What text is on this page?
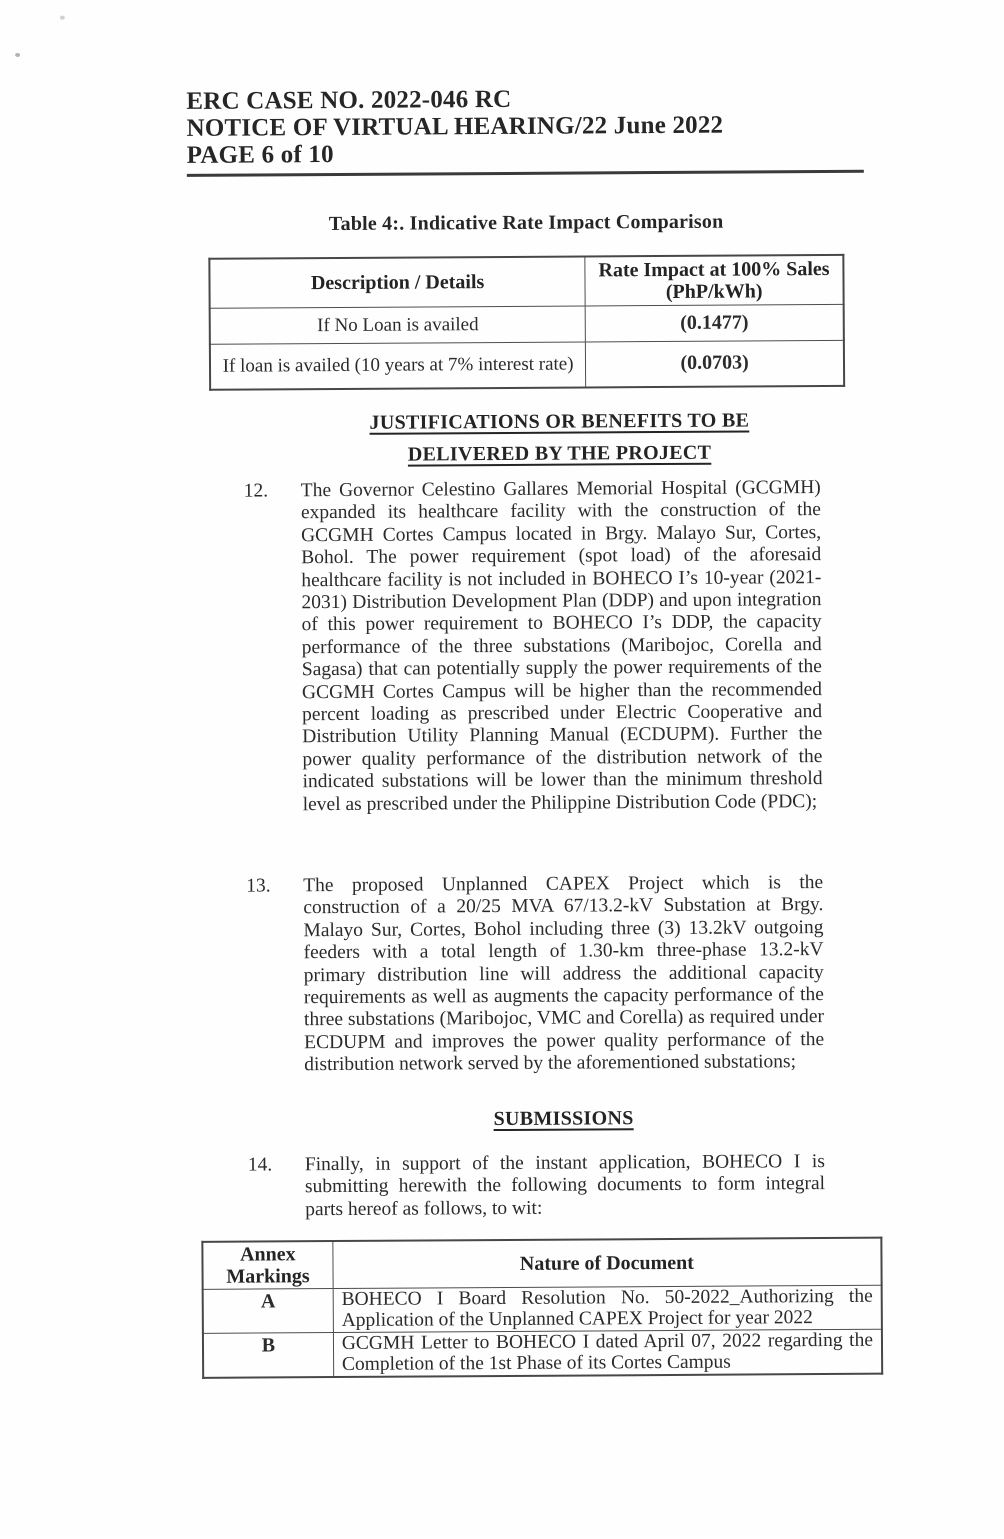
ERC CASE NO. 2022-046 RC
NOTICE OF VIRTUAL HEARING/22 June 2022
PAGE 6 of 10
Table 4:. Indicative Rate Impact Comparison
Description / Details	Rate Impact at 100% Sales (PhP/kWh)
If No Loan is availed	(0.1477)
If loan is availed (10 years at 7% interest rate)	(0.0703)
JUSTIFICATIONS OR BENEFITS TO BE DELIVERED BY THE PROJECT
12. The Governor Celestino Gallares Memorial Hospital (GCGMH) expanded its healthcare facility with the construction of the GCGMH Cortes Campus located in Brgy. Malayo Sur, Cortes, Bohol. The power requirement (spot load) of the aforesaid healthcare facility is not included in BOHECO I’s 10-year (2021-2031) Distribution Development Plan (DDP) and upon integration of this power requirement to BOHECO I’s DDP, the capacity performance of the three substations (Maribojoc, Corella and Sagasa) that can potentially supply the power requirements of the GCGMH Cortes Campus will be higher than the recommended percent loading as prescribed under Electric Cooperative and Distribution Utility Planning Manual (ECDUPM). Further the power quality performance of the distribution network of the indicated substations will be lower than the minimum threshold level as prescribed under the Philippine Distribution Code (PDC);
13. The proposed Unplanned CAPEX Project which is the construction of a 20/25 MVA 67/13.2-kV Substation at Brgy. Malayo Sur, Cortes, Bohol including three (3) 13.2kV outgoing feeders with a total length of 1.30-km three-phase 13.2-kV primary distribution line will address the additional capacity requirements as well as augments the capacity performance of the three substations (Maribojoc, VMC and Corella) as required under ECDUPM and improves the power quality performance of the distribution network served by the aforementioned substations;
SUBMISSIONS
14. Finally, in support of the instant application, BOHECO I is submitting herewith the following documents to form integral parts hereof as follows, to wit:
Annex Markings	Nature of Document
A	BOHECO I Board Resolution No. 50-2022_Authorizing the Application of the Unplanned CAPEX Project for year 2022
B	GCGMH Letter to BOHECO I dated April 07, 2022 regarding the Completion of the 1st Phase of its Cortes Campus
